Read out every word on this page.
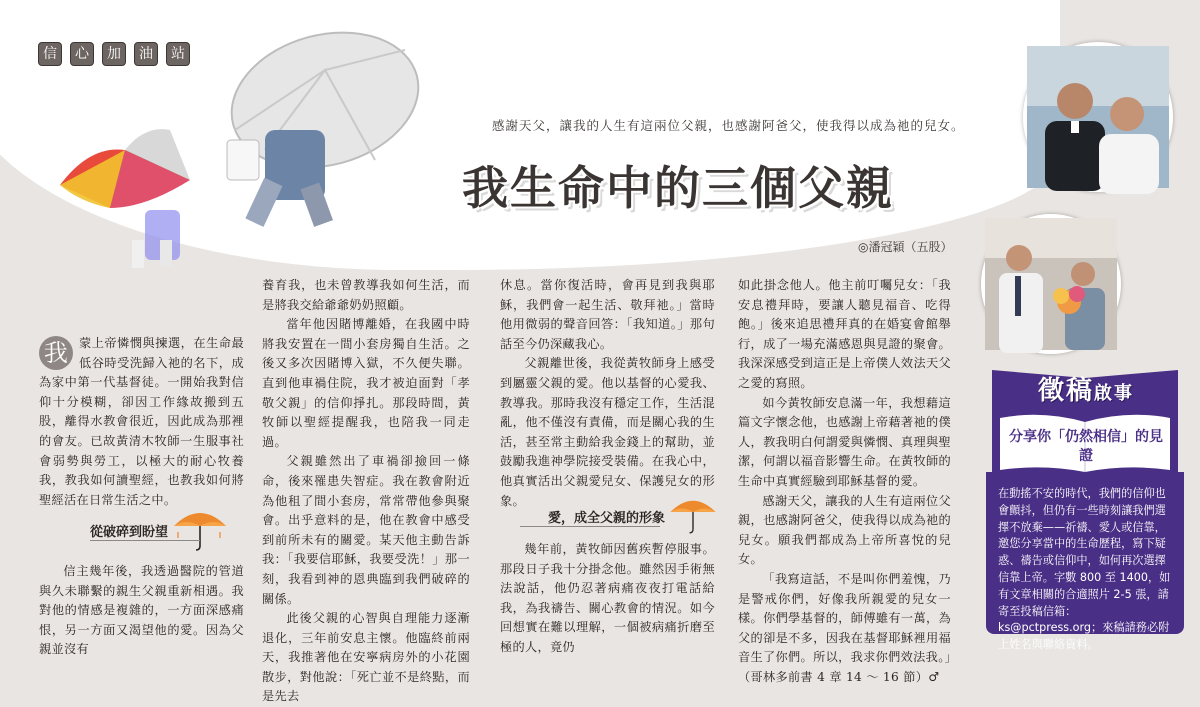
信	心	加	油	站
感謝天父，讓我的人生有這兩位父親，也感謝阿爸父，使我得以成為祂的兒女。
我生命中的三個父親
◎潘冠穎（五股）

我 蒙上帝憐憫與揀選，在生命最低谷時受洗歸入祂的名下，成為家中第一代基督徒。一開始我對信仰十分模糊，卻因工作緣故搬到五股，離得水教會很近，因此成為那裡的會友。已故黃清木牧師一生服事社會弱勢與勞工，以極大的耐心牧養我，教我如何讀聖經，也教我如何將聖經活在日常生活之中。

從破碎到盼望

信主幾年後，我透過醫院的管道與久未聯繫的親生父親重新相遇。我對他的情感是複雜的，一方面深感痛恨，另一方面又渴望他的愛。因為父親並沒有

養育我，也未曾教導我如何生活，而是將我交給爺爺奶奶照顧。

當年他因賭博離婚，在我國中時將我安置在一間小套房獨自生活。之後又多次因賭博入獄，不久便失聯。直到他車禍住院，我才被迫面對「孝敬父親」的信仰掙扎。那段時間，黃牧師以聖經提醒我，也陪我一同走過。

父親雖然出了車禍卻撿回一條命，後來罹患失智症。我在教會附近為他租了間小套房，常常帶他參與聚會。出乎意料的是，他在教會中感受到前所未有的關愛。某天他主動告訴我：「我要信耶穌，我要受洗！」那一刻，我看到神的恩典臨到我們破碎的關係。

此後父親的心智與自理能力逐漸退化，三年前安息主懷。他臨終前兩天，我推著他在安寧病房外的小花園散步，對他說：「死亡並不是終點，而是先去

休息。當你復活時，會再見到我與耶穌，我們會一起生活、敬拜祂。」當時他用微弱的聲音回答：「我知道。」那句話至今仍深藏我心。

父親離世後，我從黃牧師身上感受到屬靈父親的愛。他以基督的心愛我、教導我。那時我沒有穩定工作，生活混亂，他不僅沒有責備，而是關心我的生活，甚至常主動給我金錢上的幫助，並鼓勵我進神學院接受裝備。在我心中，他真實活出父親愛兒女、保護兒女的形象。

愛，成全父親的形象

幾年前，黃牧師因舊疾暫停服事。那段日子我十分掛念他。雖然因手術無法說話，他仍忍著病痛夜夜打電話給我，為我禱告、關心教會的情況。如今回想實在難以理解，一個被病痛折磨至極的人，竟仍

如此掛念他人。他主前叮囑兒女：「我安息禮拜時，要讓人聽見福音、吃得飽。」後來追思禮拜真的在婚宴會館舉行，成了一場充滿感恩與見證的聚會。我深深感受到這正是上帝僕人效法天父之愛的寫照。

如今黃牧師安息滿一年，我想藉這篇文字懷念他，也感謝上帝藉著祂的僕人，教我明白何謂愛與憐憫、真理與聖潔，何謂以福音影響生命。在黃牧師的生命中真實經驗到耶穌基督的愛。

感謝天父，讓我的人生有這兩位父親，也感謝阿爸父，使我得以成為祂的兒女。願我們都成為上帝所喜悅的兒女。

「我寫這話，不是叫你們羞愧，乃是警戒你們，好像我所親愛的兒女一樣。你們學基督的，師傅雖有一萬，為父的卻是不多，因我在基督耶穌裡用福音生了你們。所以，我求你們效法我。」（哥林多前書 4 章 14 ～ 16 節）♂

徵稿啟事
分享你「仍然相信」的見證
在動搖不安的時代，我們的信仰也會顫抖，但仍有一些時刻讓我們選擇不放棄——祈禱、愛人或信靠，邀您分享當中的生命歷程，寫下疑惑、禱告或信仰中，如何再次選擇信靠上帝。字數 800 至 1400，如有文章相關的合適照片 2-5 張，請寄至投稿信箱：ks@pctpress.org；來稿請務必附上姓名與聯絡資料。
